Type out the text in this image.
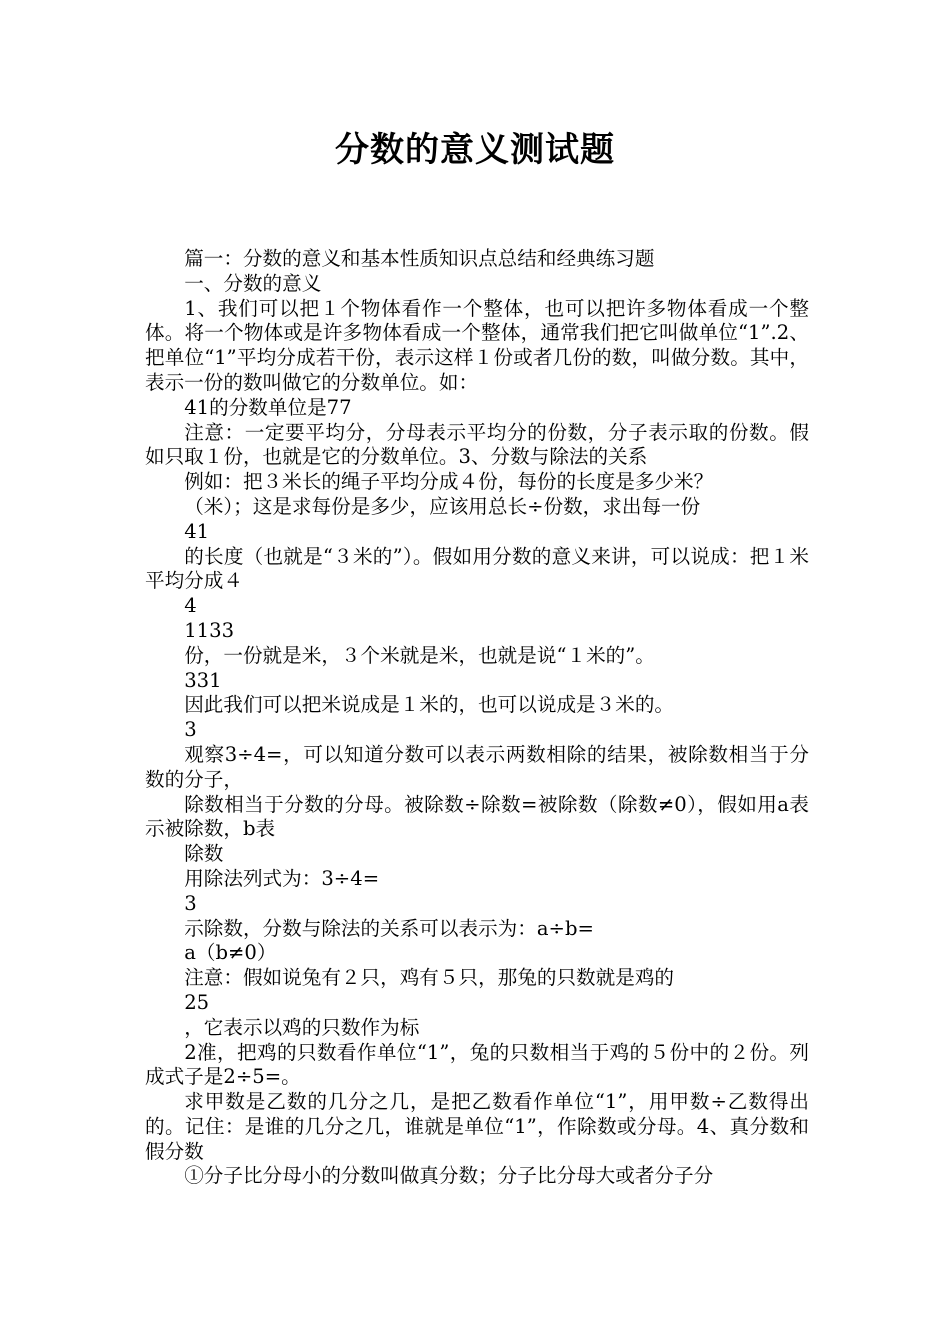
分数的意义测试题

篇一：分数的意义和基本性质知识点总结和经典练习题

一、分数的意义

1、我们可以把１个物体看作一个整体，也可以把许多物体看成一个整体。将一个物体或是许多物体看成一个整体，通常我们把它叫做单位“1”.2、把单位“1”平均分成若干份，表示这样１份或者几份的数，叫做分数。其中，表示一份的数叫做它的分数单位。如：

41的分数单位是77

注意：一定要平均分，分母表示平均分的份数，分子表示取的份数。假如只取１份，也就是它的分数单位。3、分数与除法的关系

例如：把３米长的绳子平均分成４份，每份的长度是多少米？

（米）；这是求每份是多少，应该用总长÷份数，求出每一份

41

的长度（也就是“３米的”）。假如用分数的意义来讲，可以说成：把１米平均分成４

4

1133

份，一份就是米，３个米就是米，也就是说“１米的”。

331

因此我们可以把米说成是１米的，也可以说成是３米的。

3

观察3÷4=，可以知道分数可以表示两数相除的结果，被除数相当于分数的分子，

除数相当于分数的分母。被除数÷除数=被除数（除数≠0），假如用a表示被除数，b表

除数

用除法列式为：3÷4=

3

示除数，分数与除法的关系可以表示为：a÷b=

a（b≠0）

注意：假如说兔有２只，鸡有５只，那兔的只数就是鸡的

25

，它表示以鸡的只数作为标

2准，把鸡的只数看作单位“1”，兔的只数相当于鸡的５份中的２份。列成式子是2÷5=。

求甲数是乙数的几分之几，是把乙数看作单位“1”，用甲数÷乙数得出的。记住：是谁的几分之几，谁就是单位“1”，作除数或分母。4、真分数和假分数

①分子比分母小的分数叫做真分数；分子比分母大或者分子分
